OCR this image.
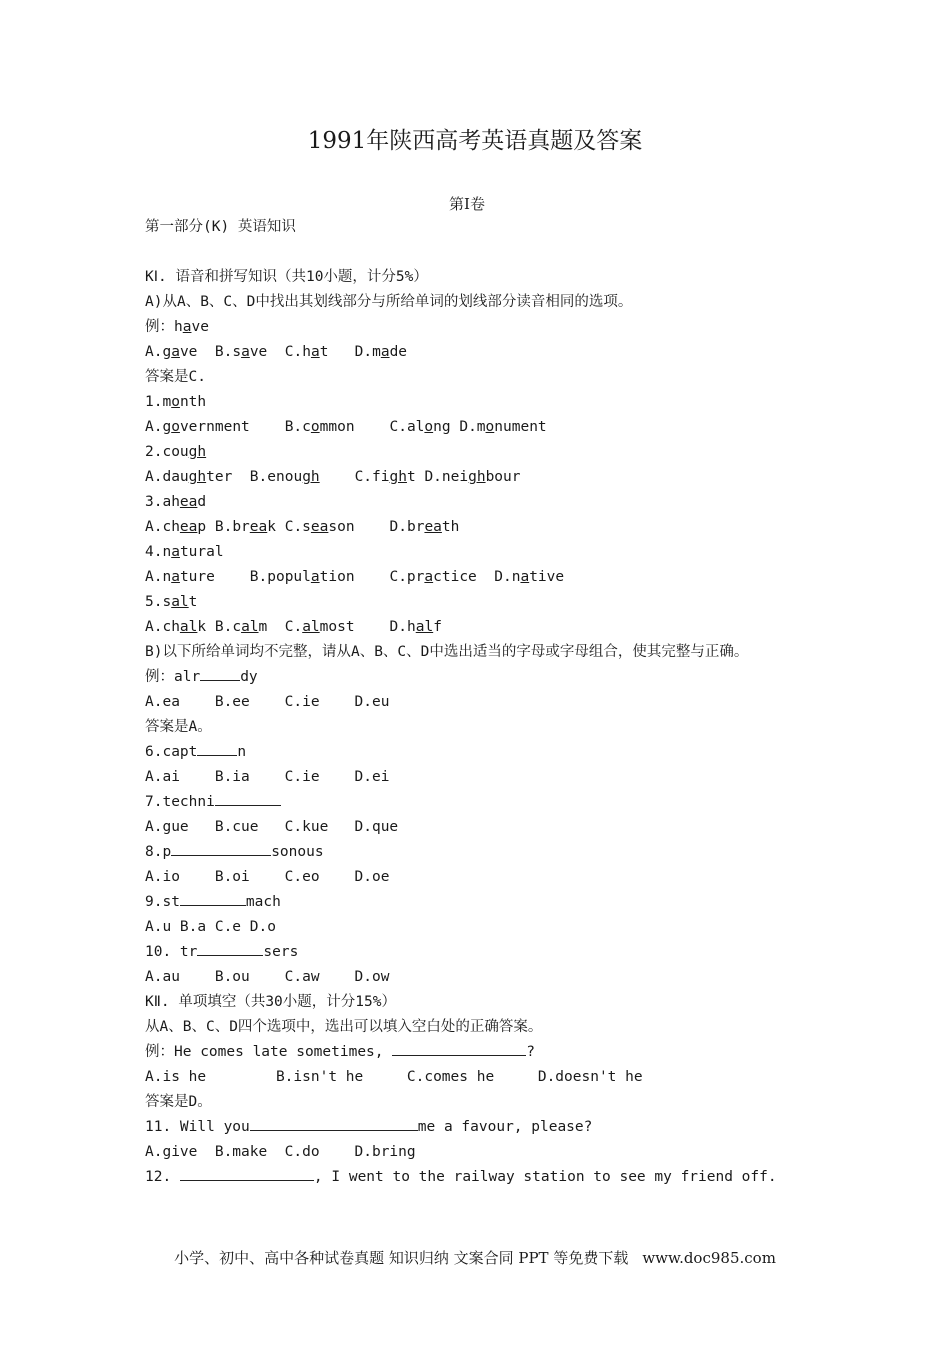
1991年陕西高考英语真题及答案
第Ⅰ卷
第一部分(K) 英语知识
KⅠ. 语音和拼写知识（共10小题，计分5%）
A)从A、B、C、D中找出其划线部分与所给单词的划线部分读音相同的选项。
例：have
A.gave B.save C.hat D.made
答案是C.
1.month
A.government B.common C.along D.monument
2.cough
A.daughter B.enough C.fight D.neighbour
3.ahead
A.cheap B.break C.season D.breath
4.natural
A.nature B.population C.practice D.native
5.salt
A.chalk B.calm C.almost D.half
B)以下所给单词均不完整，请从A、B、C、D中选出适当的字母或字母组合，使其完整与正确。
例：alr	dy
A.ea    B.ee    C.ie    D.eu
答案是A。
6.capt	n
A.ai    B.ia    C.ie    D.ei
7.techni
A.gue   B.cue   C.kue   D.que
8.p	sonous
A.io    B.oi    C.eo    D.oe
9.st	mach
A.u B.a C.e D.o
10. tr	sers
A.au    B.ou    C.aw    D.ow
KⅡ. 单项填空（共30小题，计分15%）
从A、B、C、D四个选项中，选出可以填入空白处的正确答案。
例：He comes late sometimes,	?
A.is he        B.isn't he     C.comes he     D.doesn't he
答案是D。
11. Will you	me a favour, please?
A.give  B.make  C.do    D.bring
12.	, I went to the railway station to see my friend off.
小学、初中、高中各种试卷真题 知识归纳 文案合同 PPT 等免费下载 www.doc985.com
